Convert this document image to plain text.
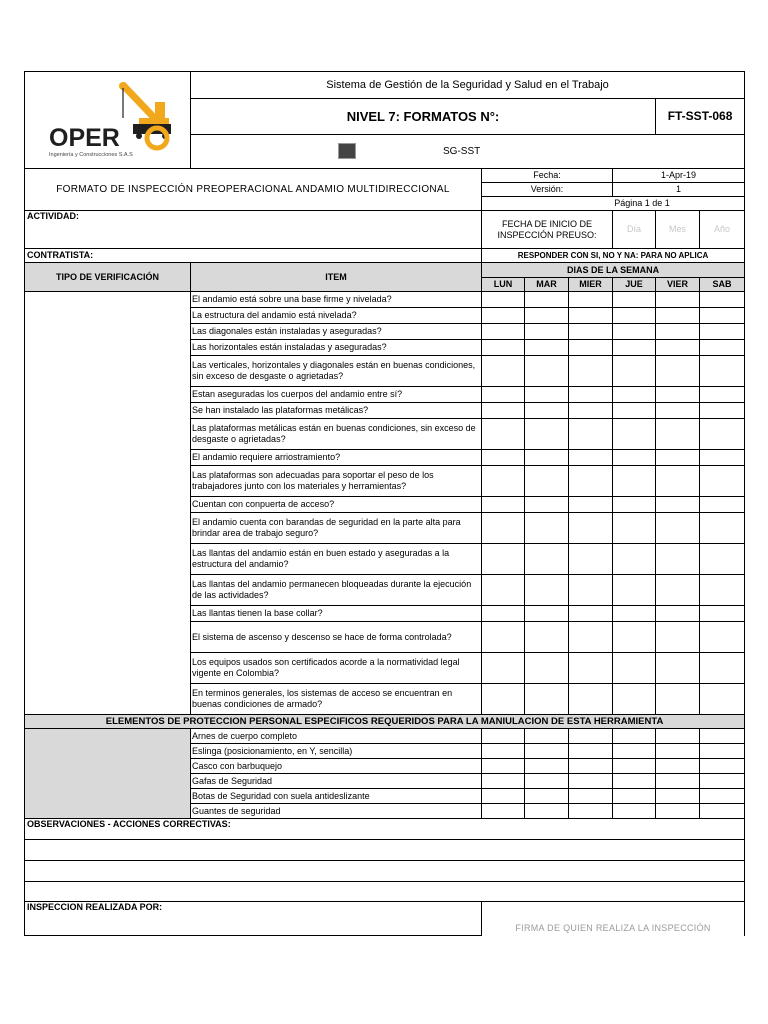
OPER
Ingeniería y Construcciones S.A.S	Sistema de Gestión de la Seguridad y Salud en el Trabajo						
	NIVEL 7: FORMATOS N°:					FT-SST-068	

	SG-SST						

FORMATO DE INSPECCIÓN PREOPERACIONAL ANDAMIO MULTIDIRECCIONAL		Fecha:			1-Apr-19		
		Versión:			1		
		Página 1 de 1					
ACTIVIDAD:		FECHA DE INICIO DE INSPECCIÓN PREUSO:			Día	Mes	Año
CONTRATISTA:		RESPONDER CON SI, NO Y NA: PARA NO APLICA					
TIPO DE VERIFICACIÓN	ITEM	DIAS DE LA SEMANA					
		LUN	MAR	MIER	JUE	VIER	SAB
	El andamio está sobre una base firme y nivelada?						
	La estructura del andamio está nivelada?						
	Las diagonales están instaladas y aseguradas?						
	Las horizontales están instaladas y aseguradas?						
	Las verticales, horizontales y diagonales están en buenas condiciones, sin exceso de desgaste o agrietadas?						
	Estan aseguradas los cuerpos del andamio entre sí?						
	Se han instalado las plataformas metálicas?						
	Las plataformas metálicas están en buenas condiciones, sin exceso de desgaste o agrietadas?						
	El andamio requiere arriostramiento?						
	Las plataformas son adecuadas para soportar el peso de los trabajadores junto con los materiales y herramientas?						
	Cuentan con conpuerta de acceso?						
	El andamio cuenta con barandas de seguridad en la parte alta para brindar area de trabajo seguro?						
	Las llantas del andamio están en buen estado y aseguradas a la estructura del andamio?						
	Las llantas del andamio permanecen bloqueadas durante la ejecución de las actividades?						
	Las llantas tienen la base collar?						
	El sistema de ascenso y descenso se hace de forma controlada?						
	Los equipos usados son certificados acorde a la normatividad legal vigente en Colombia?						
	En terminos generales, los sistemas de acceso se encuentran en buenas condiciones de armado?						
ELEMENTOS DE PROTECCION PERSONAL ESPECIFICOS REQUERIDOS PARA LA MANIULACION DE ESTA HERRAMIENTA							
	Arnes de cuerpo completo						
	Eslinga (posicionamiento, en Y, sencilla)						
	Casco con barbuquejo						
	Gafas de Seguridad						
	Botas de Seguridad con suela antideslizante						
	Guantes de seguridad						
OBSERVACIONES - ACCIONES CORRECTIVAS:							

INSPECCION REALIZADA POR:		FIRMA DE QUIEN REALIZA LA INSPECCIÓN					
